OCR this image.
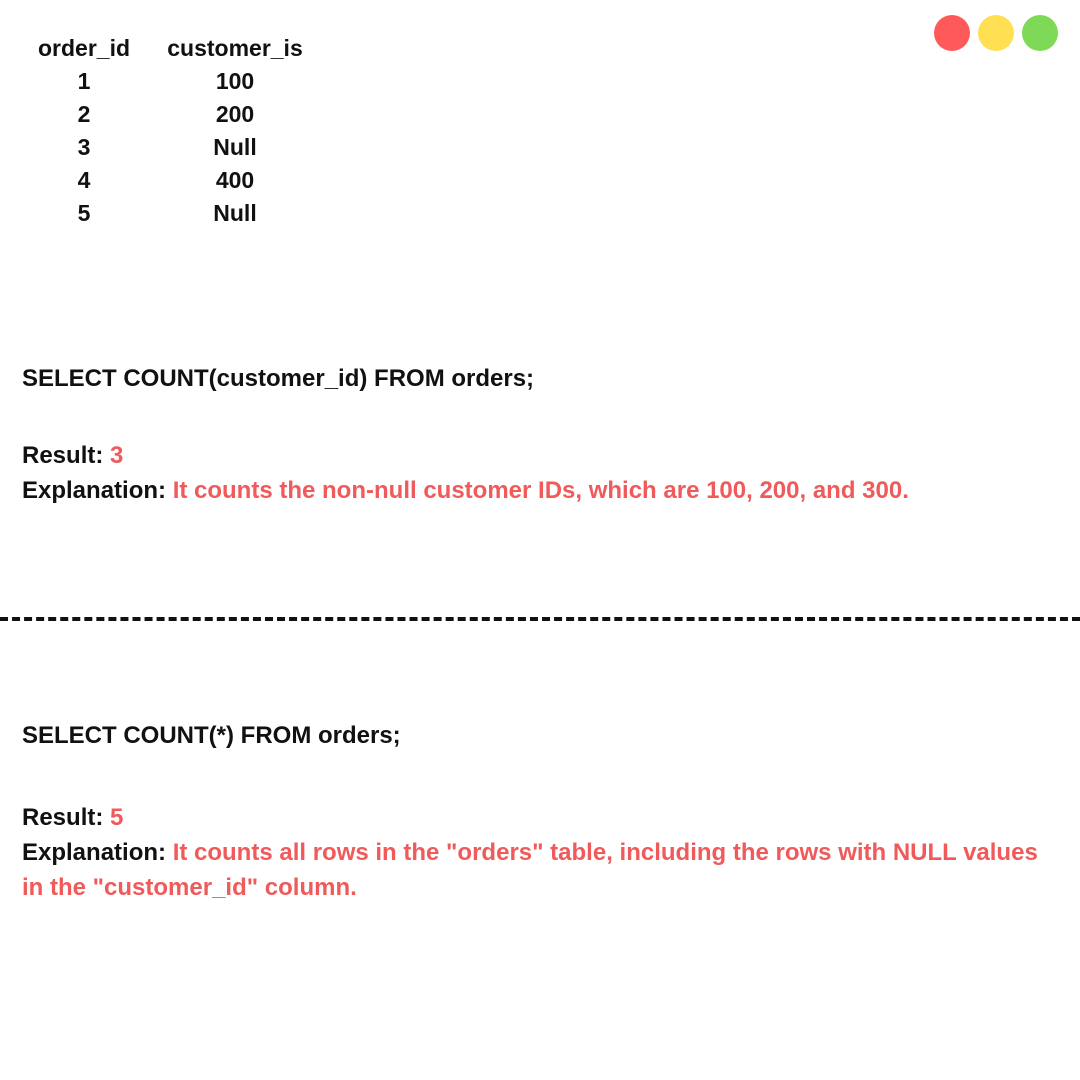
order_id	customer_is
1	100
2	200
3	Null
4	400
5	Null
SELECT COUNT(customer_id) FROM orders;
Result: 3
Explanation: It counts the non-null customer IDs, which are 100, 200, and 300.
SELECT COUNT(*) FROM orders;
Result: 5
Explanation: It counts all rows in the "orders" table, including the rows with NULL values in the "customer_id" column.
